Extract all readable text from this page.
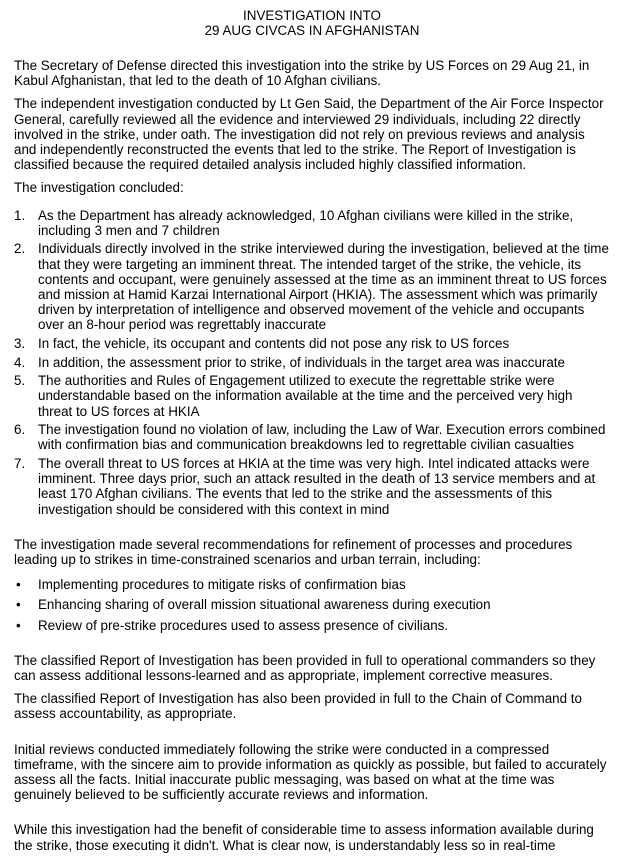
INVESTIGATION INTO

29 AUG CIVCAS IN AFGHANISTAN

The Secretary of Defense directed this investigation into the strike by US Forces on 29 Aug 21, in Kabul Afghanistan, that led to the death of 10 Afghan civilians.

The independent investigation conducted by Lt Gen Said, the Department of the Air Force Inspector General, carefully reviewed all the evidence and interviewed 29 individuals, including 22 directly involved in the strike, under oath. The investigation did not rely on previous reviews and analysis and independently reconstructed the events that led to the strike. The Report of Investigation is classified because the required detailed analysis included highly classified information.

The investigation concluded:

1. As the Department has already acknowledged, 10 Afghan civilians were killed in the strike, including 3 men and 7 children
2. Individuals directly involved in the strike interviewed during the investigation, believed at the time that they were targeting an imminent threat. The intended target of the strike, the vehicle, its contents and occupant, were genuinely assessed at the time as an imminent threat to US forces and mission at Hamid Karzai International Airport (HKIA). The assessment which was primarily driven by interpretation of intelligence and observed movement of the vehicle and occupants over an 8-hour period was regrettably inaccurate
3. In fact, the vehicle, its occupant and contents did not pose any risk to US forces
4. In addition, the assessment prior to strike, of individuals in the target area was inaccurate
5. The authorities and Rules of Engagement utilized to execute the regrettable strike were understandable based on the information available at the time and the perceived very high threat to US forces at HKIA
6. The investigation found no violation of law, including the Law of War. Execution errors combined with confirmation bias and communication breakdowns led to regrettable civilian casualties
7. The overall threat to US forces at HKIA at the time was very high. Intel indicated attacks were imminent. Three days prior, such an attack resulted in the death of 13 service members and at least 170 Afghan civilians. The events that led to the strike and the assessments of this investigation should be considered with this context in mind

The investigation made several recommendations for refinement of processes and procedures leading up to strikes in time-constrained scenarios and urban terrain, including:

• Implementing procedures to mitigate risks of confirmation bias
• Enhancing sharing of overall mission situational awareness during execution
• Review of pre-strike procedures used to assess presence of civilians.

The classified Report of Investigation has been provided in full to operational commanders so they can assess additional lessons-learned and as appropriate, implement corrective measures.

The classified Report of Investigation has also been provided in full to the Chain of Command to assess accountability, as appropriate.

Initial reviews conducted immediately following the strike were conducted in a compressed timeframe, with the sincere aim to provide information as quickly as possible, but failed to accurately assess all the facts. Initial inaccurate public messaging, was based on what at the time was genuinely believed to be sufficiently accurate reviews and information.

While this investigation had the benefit of considerable time to assess information available during the strike, those executing it didn't. What is clear now, is understandably less so in real-time
